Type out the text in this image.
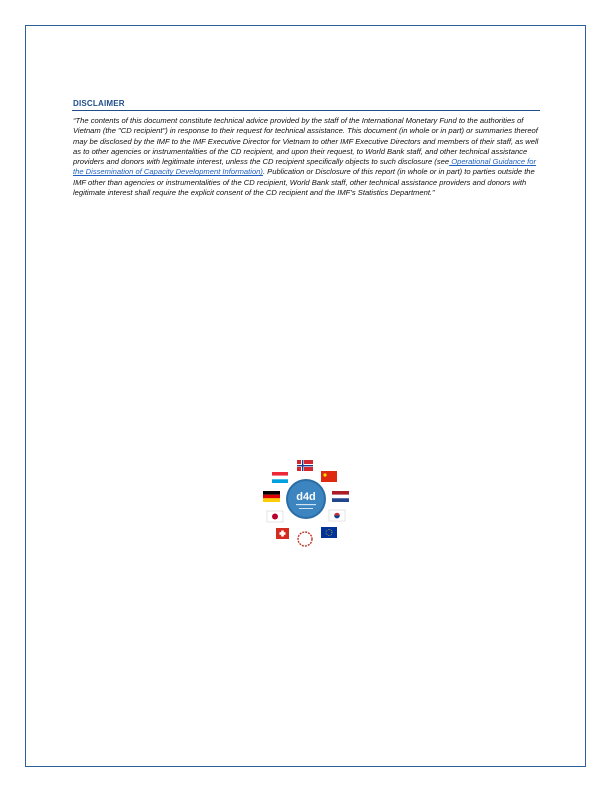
DISCLAIMER
“The contents of this document constitute technical advice provided by the staff of the International Monetary Fund to the authorities of Vietnam (the "CD recipient") in response to their request for technical assistance. This document (in whole or in part) or summaries thereof may be disclosed by the IMF to the IMF Executive Director for Vietnam to other IMF Executive Directors and members of their staff, as well as to other agencies or instrumentalities of the CD recipient, and upon their request, to World Bank staff, and other technical assistance providers and donors with legitimate interest, unless the CD recipient specifically objects to such disclosure (see Operational Guidance for the Dissemination of Capacity Development Information). Publication or Disclosure of this report (in whole or in part) to parties outside the IMF other than agencies or instrumentalities of the CD recipient, World Bank staff, other technical assistance providers and donors with legitimate interest shall require the explicit consent of the CD recipient and the IMF’s Statistics Department.”
d4d
